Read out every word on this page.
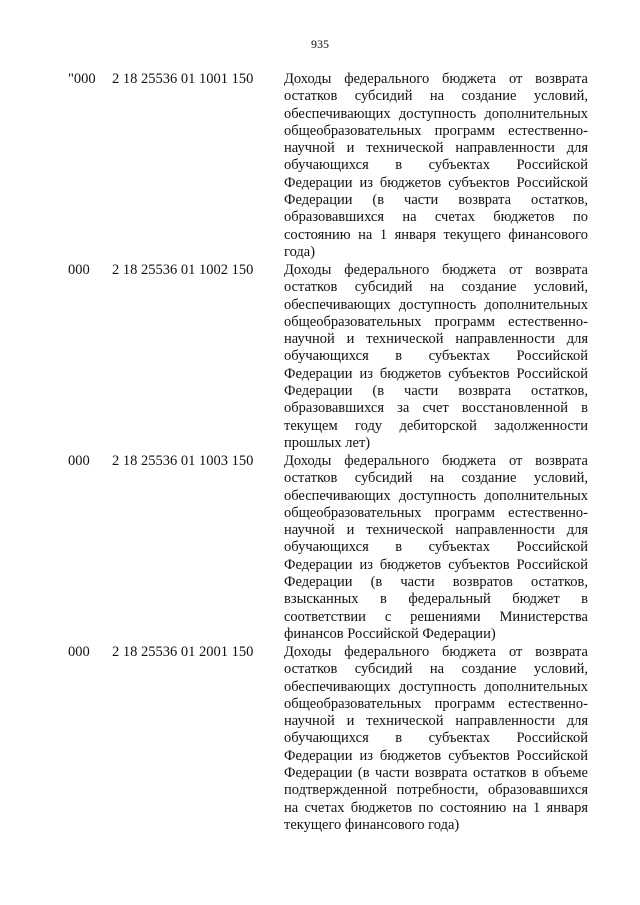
935
"000 2 18 25536 01 1001 150 Доходы федерального бюджета от возврата
остатков субсидий на создание условий,
обеспечивающих доступность дополнительных
общеобразовательных программ естественно-
научной и технической направленности для
обучающихся в субъектах Российской
Федерации из бюджетов субъектов Российской
Федерации (в части возврата остатков,
образовавшихся на счетах бюджетов по
состоянию на 1 января текущего финансового
года)
000 2 18 25536 01 1002 150 Доходы федерального бюджета от возврата
остатков субсидий на создание условий,
обеспечивающих доступность дополнительных
общеобразовательных программ естественно-
научной и технической направленности для
обучающихся в субъектах Российской
Федерации из бюджетов субъектов Российской
Федерации (в части возврата остатков,
образовавшихся за счет восстановленной в
текущем году дебиторской задолженности
прошлых лет)
000 2 18 25536 01 1003 150 Доходы федерального бюджета от возврата
остатков субсидий на создание условий,
обеспечивающих доступность дополнительных
общеобразовательных программ естественно-
научной и технической направленности для
обучающихся в субъектах Российской
Федерации из бюджетов субъектов Российской
Федерации (в части возвратов остатков,
взысканных в федеральный бюджет в
соответствии с решениями Министерства
финансов Российской Федерации)
000 2 18 25536 01 2001 150 Доходы федерального бюджета от возврата
остатков субсидий на создание условий,
обеспечивающих доступность дополнительных
общеобразовательных программ естественно-
научной и технической направленности для
обучающихся в субъектах Российской
Федерации из бюджетов субъектов Российской
Федерации (в части возврата остатков в объеме
подтвержденной потребности, образовавшихся
на счетах бюджетов по состоянию на 1 января
текущего финансового года)
